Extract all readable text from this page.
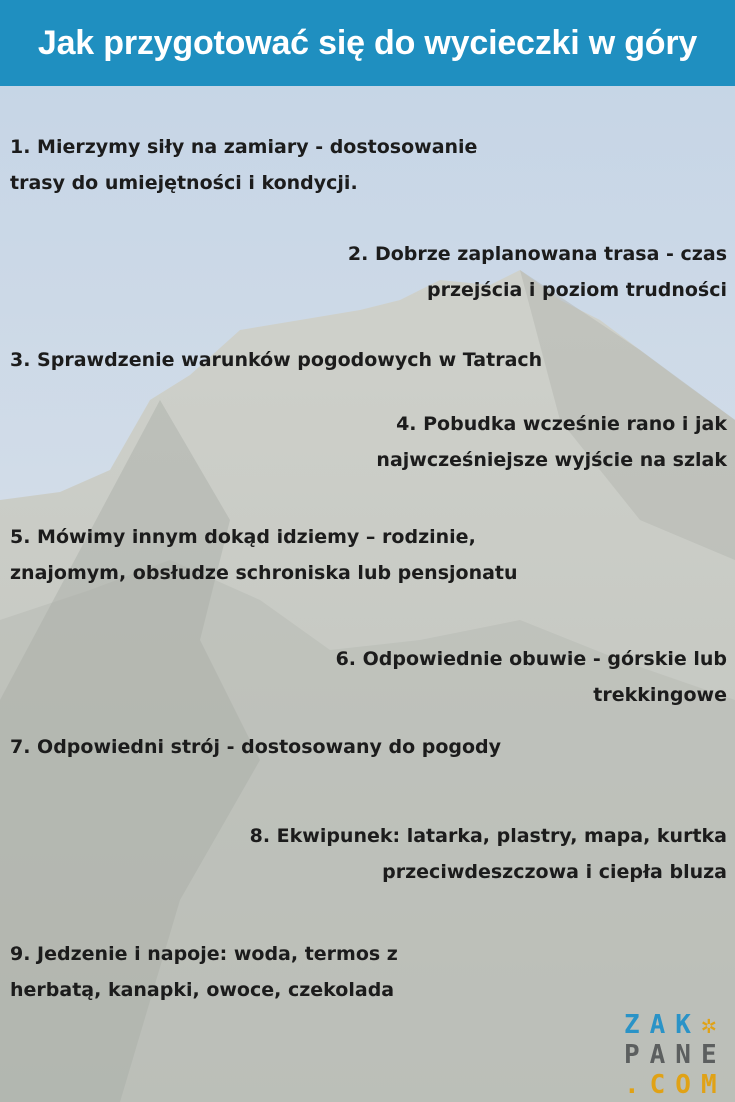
Jak przygotować się do wycieczki w góry
1. Mierzymy siły na zamiary - dostosowanie
trasy do umiejętności i kondycji.
2. Dobrze zaplanowana trasa - czas
przejścia i poziom trudności
3. Sprawdzenie warunków pogodowych w Tatrach
4. Pobudka wcześnie rano i jak
najwcześniejsze wyjście na szlak
5. Mówimy innym dokąd idziemy – rodzinie,
znajomym, obsłudze schroniska lub pensjonatu
6. Odpowiednie obuwie - górskie lub
trekkingowe
7. Odpowiedni strój - dostosowany do pogody
8. Ekwipunek: latarka, plastry, mapa, kurtka
przeciwdeszczowa i ciepła bluza
9. Jedzenie i napoje: woda, termos z
herbatą, kanapki, owoce, czekolada
ZAK✲
PANE
.COM
